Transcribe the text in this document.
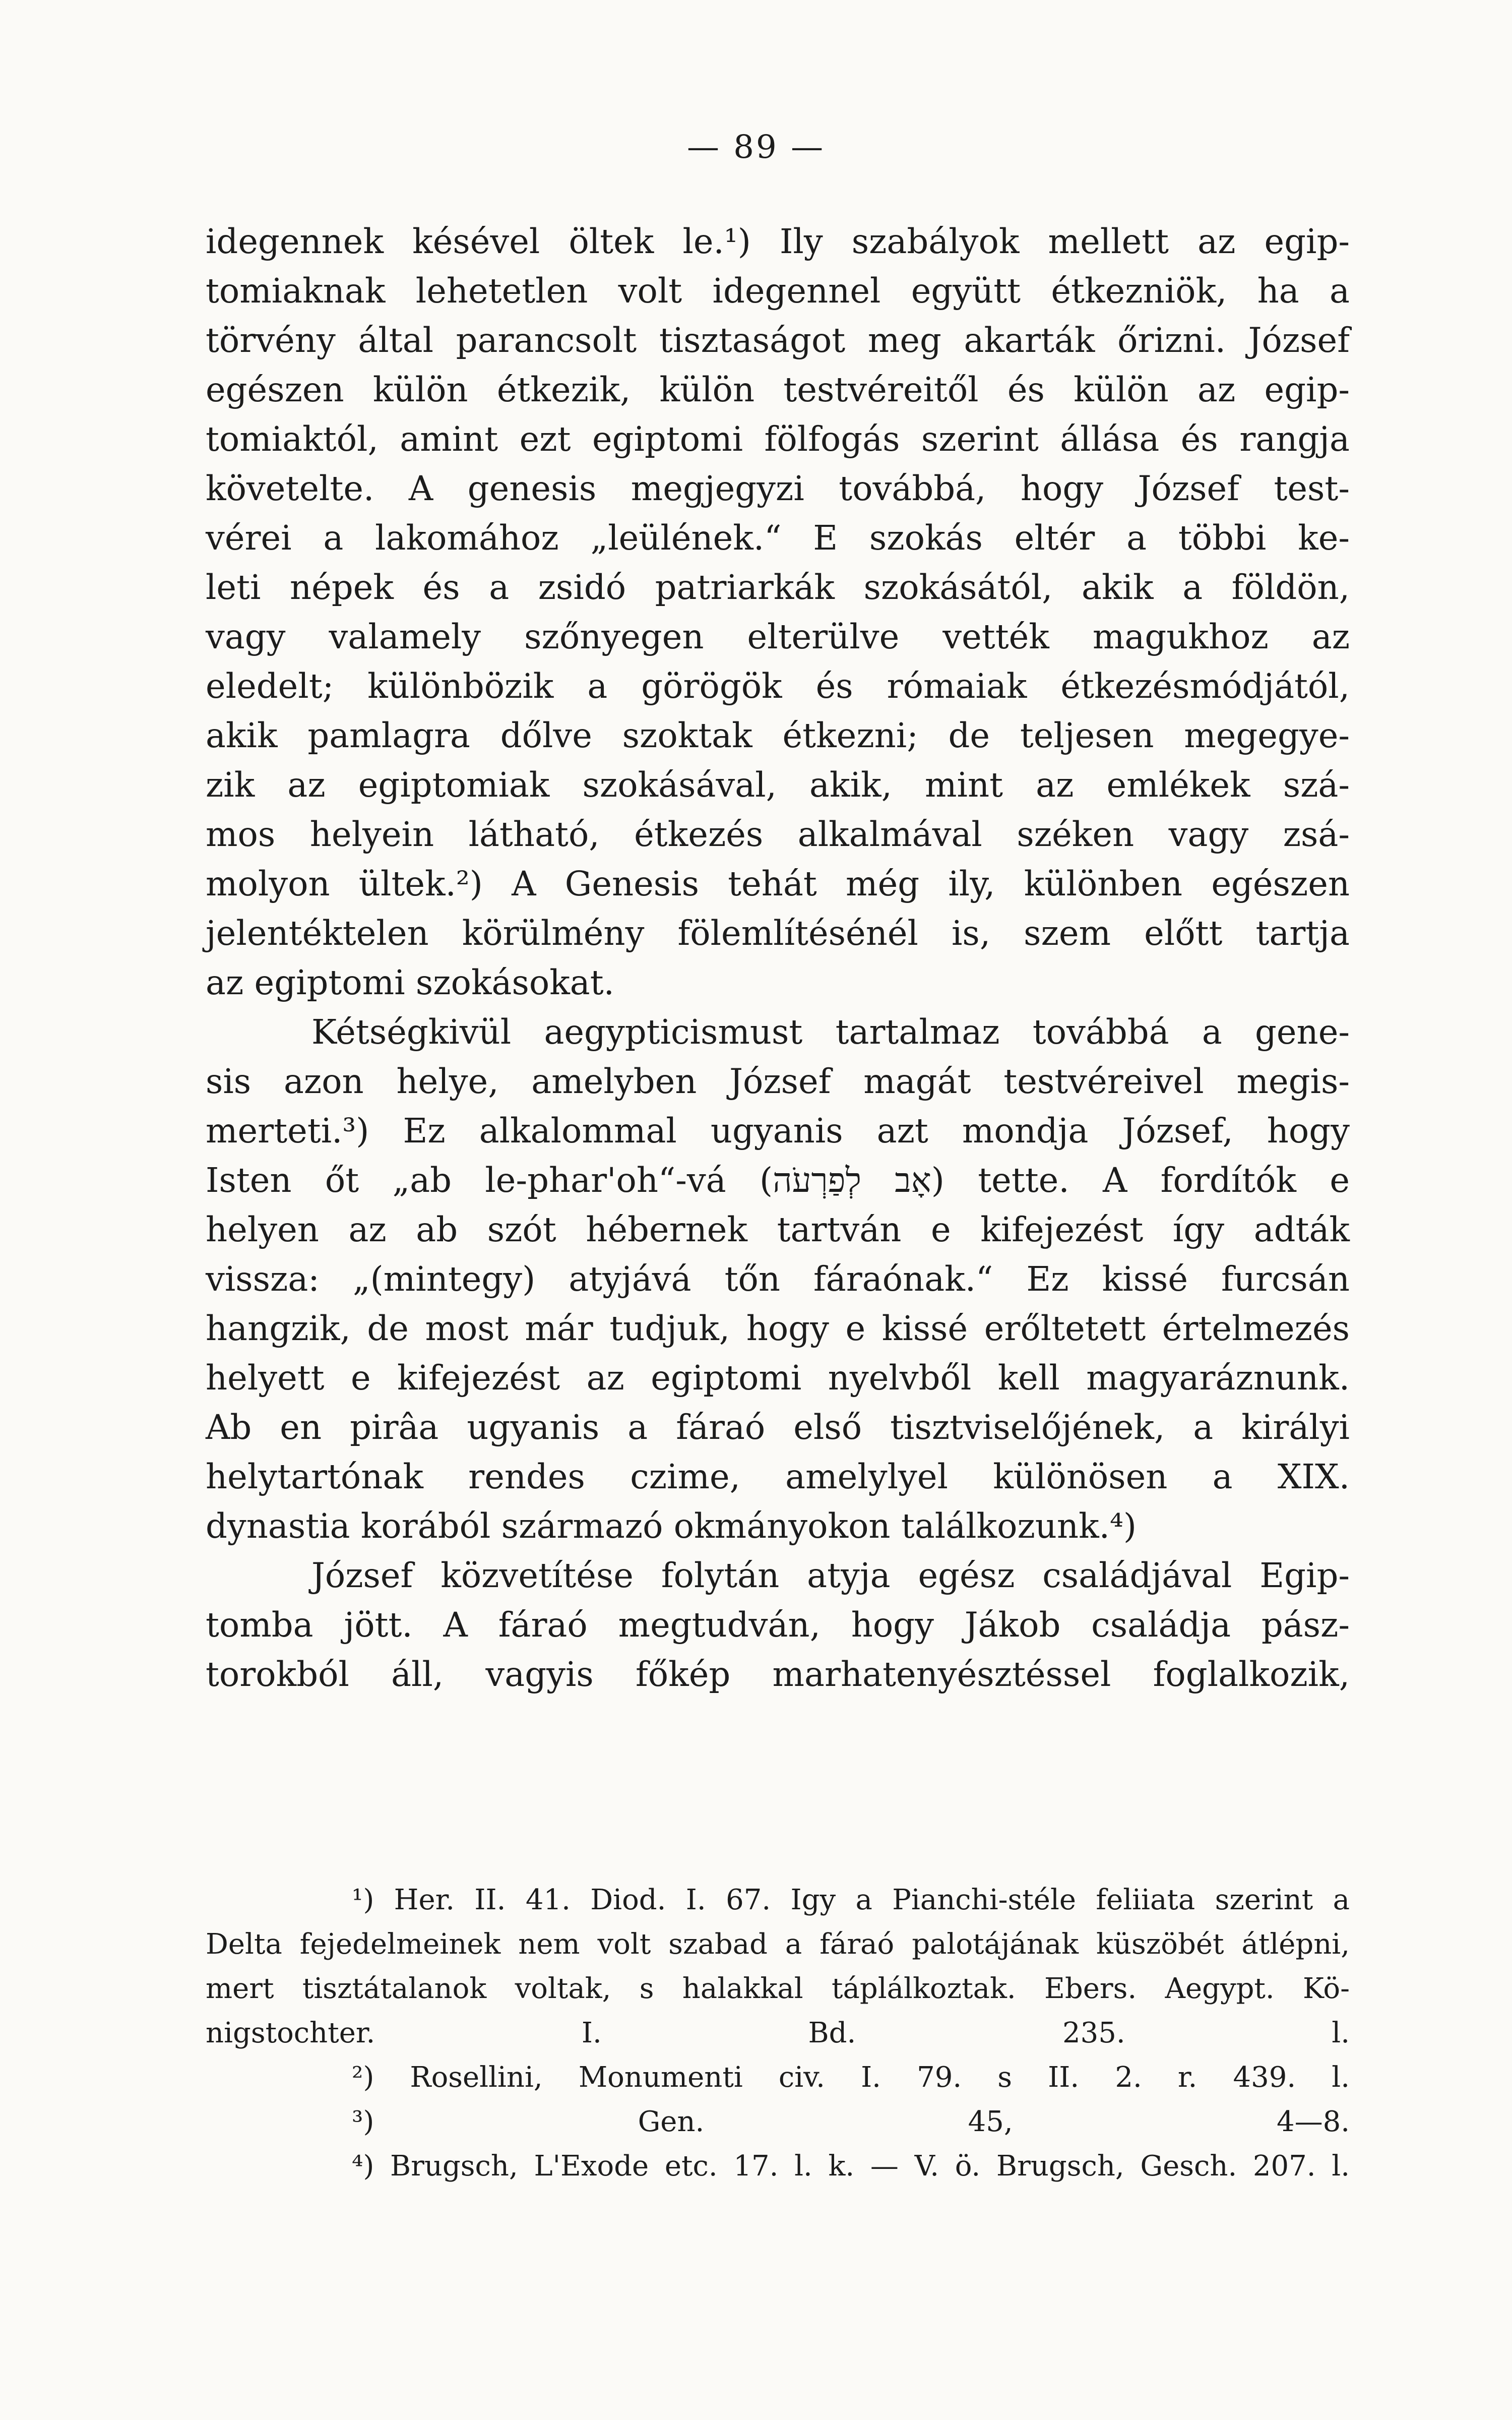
— 89 —
idegennek késével öltek le.¹) Ily szabályok mellett az egip-
tomiaknak lehetetlen volt idegennel együtt étkezniök, ha a
törvény által parancsolt tisztaságot meg akarták őrizni. József
egészen külön étkezik, külön testvéreitől és külön az egip-
tomiaktól, amint ezt egiptomi fölfogás szerint állása és rangja
követelte. A genesis megjegyzi továbbá, hogy József test-
vérei a lakomához „leülének.“ E szokás eltér a többi ke-
leti népek és a zsidó patriarkák szokásától, akik a földön,
vagy valamely szőnyegen elterülve vették magukhoz az
eledelt; különbözik a görögök és rómaiak étkezésmódjától,
akik pamlagra dőlve szoktak étkezni; de teljesen megegye-
zik az egiptomiak szokásával, akik, mint az emlékek szá-
mos helyein látható, étkezés alkalmával széken vagy zsá-
molyon ültek.²) A Genesis tehát még ily, különben egészen
jelentéktelen körülmény fölemlítésénél is, szem előtt tartja
az egiptomi szokásokat.
Kétségkivül aegypticismust tartalmaz továbbá a gene-
sis azon helye, amelyben József magát testvéreivel megis-
merteti.³) Ez alkalommal ugyanis azt mondja József, hogy
Isten őt „ab le-phar'oh“-vá (אָב לְפַרְעֹה) tette. A fordítók e
helyen az ab szót hébernek tartván e kifejezést így adták
vissza: „(mintegy) atyjává tőn fáraónak.“ Ez kissé furcsán
hangzik, de most már tudjuk, hogy e kissé erőltetett értelmezés
helyett e kifejezést az egiptomi nyelvből kell magyaráznunk.
Ab en pirâa ugyanis a fáraó első tisztviselőjének, a királyi
helytartónak rendes czime, amelylyel különösen a XIX.
dynastia korából származó okmányokon találkozunk.⁴)
József közvetítése folytán atyja egész családjával Egip-
tomba jött. A fáraó megtudván, hogy Jákob családja pász-
torokból áll, vagyis főkép marhatenyésztéssel foglalkozik,
¹) Her. II. 41. Diod. I. 67. Igy a Pianchi-stéle feliiata szerint a
Delta fejedelmeinek nem volt szabad a fáraó palotájának küszöbét átlépni,
mert tisztátalanok voltak, s halakkal táplálkoztak. Ebers. Aegypt. Kö-
nigstochter. I. Bd. 235. l.
²) Rosellini, Monumenti civ. I. 79. s II. 2. r. 439. l.
³) Gen. 45, 4—8.
⁴) Brugsch, L'Exode etc. 17. l. k. — V. ö. Brugsch, Gesch. 207. l.
